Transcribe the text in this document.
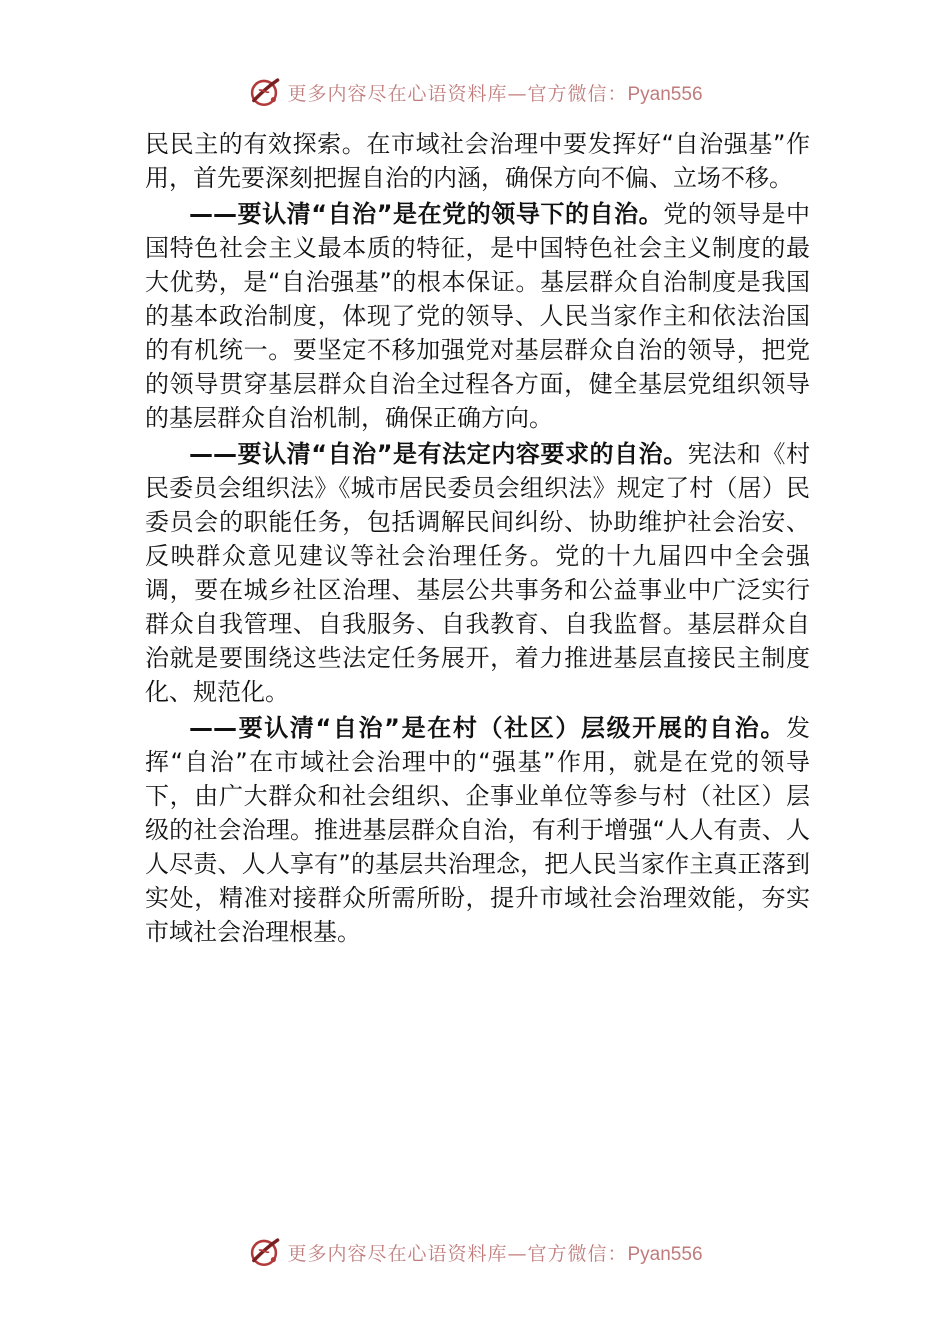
更多内容尽在心语资料库—官方微信：Pyan556

民民主的有效探索。在市域社会治理中要发挥好“自治强基”作用，首先要深刻把握自治的内涵，确保方向不偏、立场不移。

——要认清“自治”是在党的领导下的自治。党的领导是中国特色社会主义最本质的特征，是中国特色社会主义制度的最大优势，是“自治强基”的根本保证。基层群众自治制度是我国的基本政治制度，体现了党的领导、人民当家作主和依法治国的有机统一。要坚定不移加强党对基层群众自治的领导，把党的领导贯穿基层群众自治全过程各方面，健全基层党组织领导的基层群众自治机制，确保正确方向。

——要认清“自治”是有法定内容要求的自治。宪法和《村民委员会组织法》《城市居民委员会组织法》规定了村（居）民委员会的职能任务，包括调解民间纠纷、协助维护社会治安、反映群众意见建议等社会治理任务。党的十九届四中全会强调，要在城乡社区治理、基层公共事务和公益事业中广泛实行群众自我管理、自我服务、自我教育、自我监督。基层群众自治就是要围绕这些法定任务展开，着力推进基层直接民主制度化、规范化。

——要认清“自治”是在村（社区）层级开展的自治。发挥“自治”在市域社会治理中的“强基”作用，就是在党的领导下，由广大群众和社会组织、企事业单位等参与村（社区）层级的社会治理。推进基层群众自治，有利于增强“人人有责、人人尽责、人人享有”的基层共治理念，把人民当家作主真正落到实处，精准对接群众所需所盼，提升市域社会治理效能，夯实市域社会治理根基。

更多内容尽在心语资料库—官方微信：Pyan556
